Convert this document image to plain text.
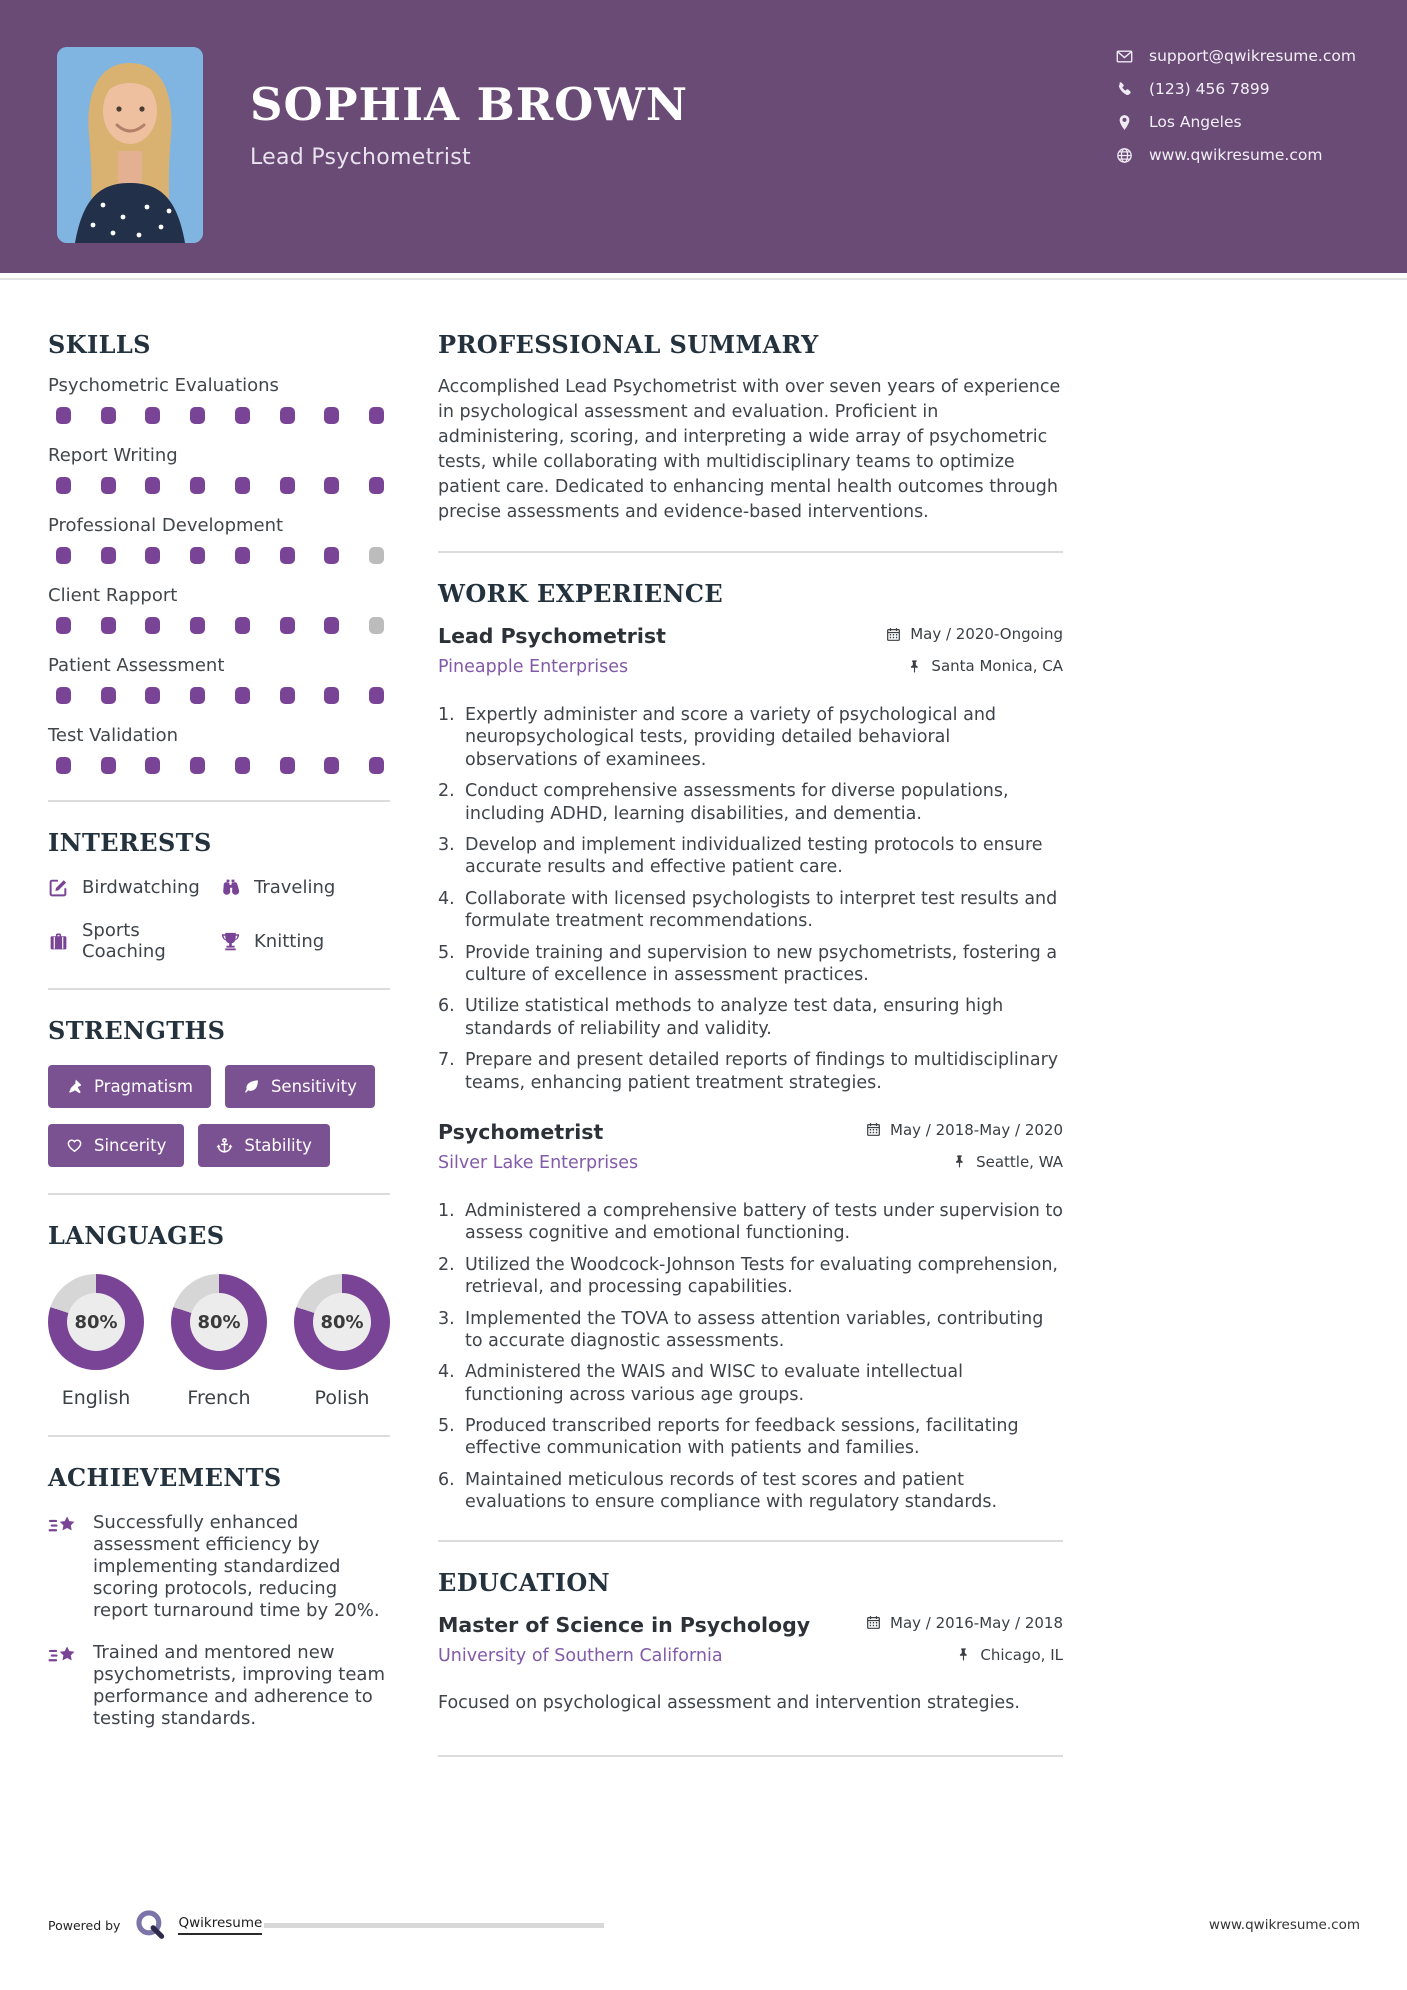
SOPHIA BROWN
Lead Psychometrist
support@qwikresume.com
(123) 456 7899
Los Angeles
www.qwikresume.com
SKILLS
Psychometric Evaluations
Report Writing
Professional Development
Client Rapport
Patient Assessment
Test Validation
INTERESTS
Birdwatching	Traveling
Sports Coaching	Knitting
STRENGTHS
Pragmatism	Sensitivity
Sincerity	Stability
LANGUAGES
80%
English
80%
French
80%
Polish
ACHIEVEMENTS
Successfully enhanced assessment efficiency by implementing standardized scoring protocols, reducing report turnaround time by 20%.
Trained and mentored new psychometrists, improving team performance and adherence to testing standards.
PROFESSIONAL SUMMARY

Accomplished Lead Psychometrist with over seven years of experience in psychological assessment and evaluation. Proficient in administering, scoring, and interpreting a wide array of psychometric tests, while collaborating with multidisciplinary teams to optimize patient care. Dedicated to enhancing mental health outcomes through precise assessments and evidence-based interventions.

WORK EXPERIENCE
Lead Psychometrist
Pineapple Enterprises
May / 2020-Ongoing
Santa Monica, CA
Expertly administer and score a variety of psychological and neuropsychological tests, providing detailed behavioral observations of examinees.
Conduct comprehensive assessments for diverse populations, including ADHD, learning disabilities, and dementia.
Develop and implement individualized testing protocols to ensure accurate results and effective patient care.
Collaborate with licensed psychologists to interpret test results and formulate treatment recommendations.
Provide training and supervision to new psychometrists, fostering a culture of excellence in assessment practices.
Utilize statistical methods to analyze test data, ensuring high standards of reliability and validity.
Prepare and present detailed reports of findings to multidisciplinary teams, enhancing patient treatment strategies.
Psychometrist
Silver Lake Enterprises
May / 2018-May / 2020
Seattle, WA
Administered a comprehensive battery of tests under supervision to assess cognitive and emotional functioning.
Utilized the Woodcock-Johnson Tests for evaluating comprehension, retrieval, and processing capabilities.
Implemented the TOVA to assess attention variables, contributing to accurate diagnostic assessments.
Administered the WAIS and WISC to evaluate intellectual functioning across various age groups.
Produced transcribed reports for feedback sessions, facilitating effective communication with patients and families.
Maintained meticulous records of test scores and patient evaluations to ensure compliance with regulatory standards.
EDUCATION
Master of Science in Psychology
University of Southern California
May / 2016-May / 2018
Chicago, IL

Focused on psychological assessment and intervention strategies.

Powered by	Qwikresume	www.qwikresume.com
